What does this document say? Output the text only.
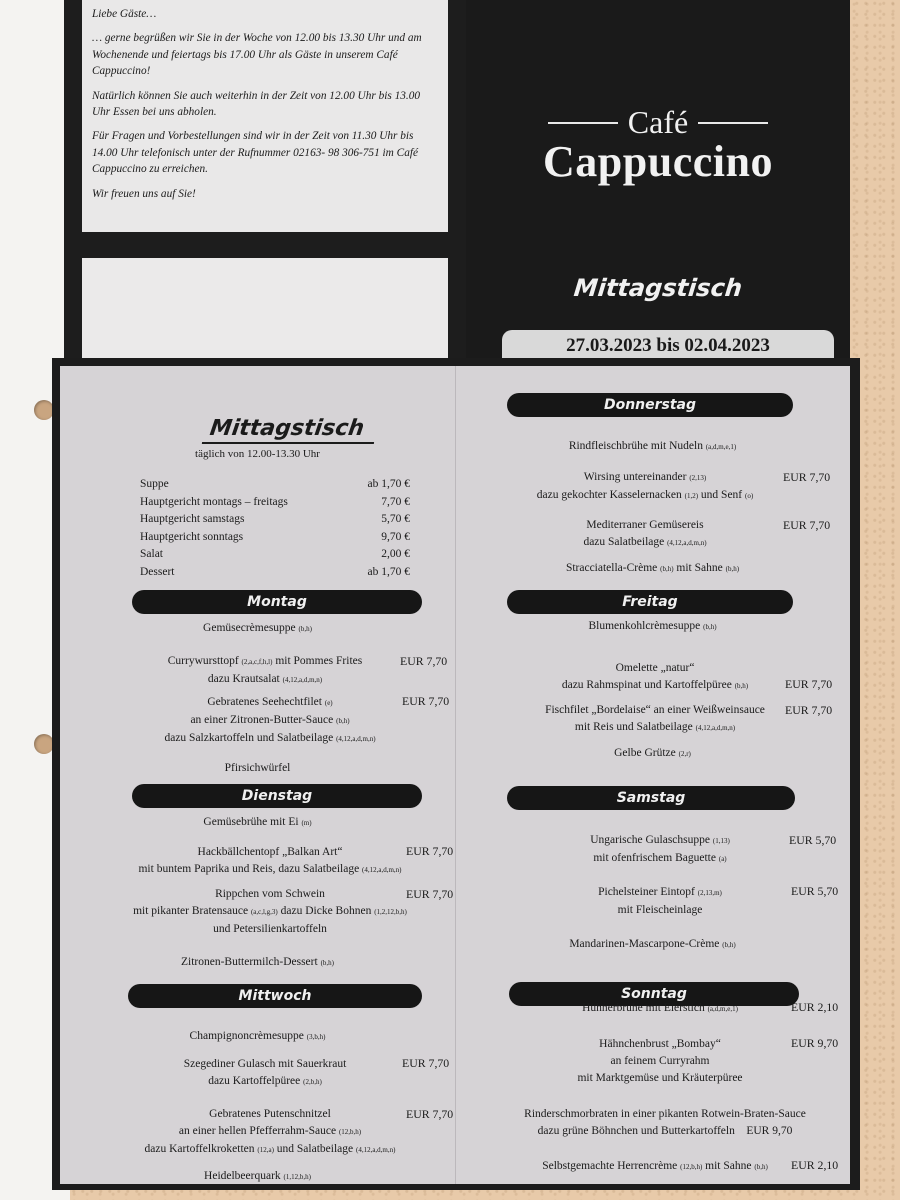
Liebe Gäste…

… gerne begrüßen wir Sie in der Woche von 12.00 bis 13.30 Uhr und am Wochenende und feiertags bis 17.00 Uhr als Gäste in unserem Café Cappuccino!

Natürlich können Sie auch weiterhin in der Zeit von 12.00 Uhr bis 13.00 Uhr Essen bei uns abholen.

Für Fragen und Vorbestellungen sind wir in der Zeit von 11.30 Uhr bis 14.00 Uhr telefonisch unter der Rufnummer 02163- 98 306-751 im Café Cappuccino zu erreichen.

Wir freuen uns auf Sie!

Café
Cappuccino
Mittagstisch
27.03.2023 bis 02.04.2023
Mittagstisch
täglich von 12.00-13.30 Uhr
Suppe	ab 1,70 €
Hauptgericht montags – freitags	7,70 €
Hauptgericht samstags	5,70 €
Hauptgericht sonntags	9,70 €
Salat	2,00 €
Dessert	ab 1,70 €
Montag
Gemüsecrèmesuppe (b,h)
Currywursttopf (2,a,c,f,h,l) mit Pommes Frites
dazu Krautsalat (4,12,a,d,m,n)
EUR 7,70
Gebratenes Seehechtfilet (e)
an einer Zitronen-Butter-Sauce (b,h)
dazu Salzkartoffeln und Salatbeilage (4,12,a,d,m,n)
EUR 7,70
Pfirsichwürfel
Dienstag
Gemüsebrühe mit Ei (m)
Hackbällchentopf „Balkan Art“
mit buntem Paprika und Reis, dazu Salatbeilage (4,12,a,d,m,n)
EUR 7,70
Rippchen vom Schwein
mit pikanter Bratensauce (a,c,l,g,3) dazu Dicke Bohnen (1,2,12,b,h)
und Petersilienkartoffeln
EUR 7,70
Zitronen-Buttermilch-Dessert (b,h)
Mittwoch
Champignoncrèmesuppe (3,b,h)
Szegediner Gulasch mit Sauerkraut
dazu Kartoffelpüree (2,b,h)
EUR 7,70
Gebratenes Putenschnitzel
an einer hellen Pfefferrahm-Sauce (12,b,h)
dazu Kartoffelkroketten (12,a) und Salatbeilage (4,12,a,d,m,n)
EUR 7,70
Heidelbeerquark (1,12,b,h)
Donnerstag
Rindfleischbrühe mit Nudeln (a,d,m,e,1)
Wirsing untereinander (2,13)
dazu gekochter Kasselernacken (1,2) und Senf (o)
EUR 7,70
Mediterraner Gemüsereis
dazu Salatbeilage (4,12,a,d,m,n)
EUR 7,70
Stracciatella-Crème (b,h) mit Sahne (b,h)
Freitag
Blumenkohlcrèmesuppe (b,h)
Omelette „natur“
dazu Rahmspinat und Kartoffelpüree (b,h)	EUR 7,70
Fischfilet „Bordelaise“ an einer Weißweinsauce
mit Reis und Salatbeilage (4,12,a,d,m,n)
EUR 7,70
Gelbe Grütze (2,r)
Samstag
Ungarische Gulaschsuppe (1,13)
mit ofenfrischem Baguette (a)
EUR 5,70
Pichelsteiner Eintopf (2,13,m)
mit Fleischeinlage
EUR 5,70
Mandarinen-Mascarpone-Crème (b,h)
Sonntag
Hühnerbrühe mit Eierstich (a,d,m,e,1)	EUR 2,10
Hähnchenbrust „Bombay“
an feinem Curryrahm
mit Marktgemüse und Kräuterpüree
EUR 9,70
Rinderschmorbraten in einer pikanten Rotwein-Braten-Sauce
dazu grüne Böhnchen und Butterkartoffeln EUR 9,70
Selbstgemachte Herrencrème (12,b,h) mit Sahne (b,h)	EUR 2,10
